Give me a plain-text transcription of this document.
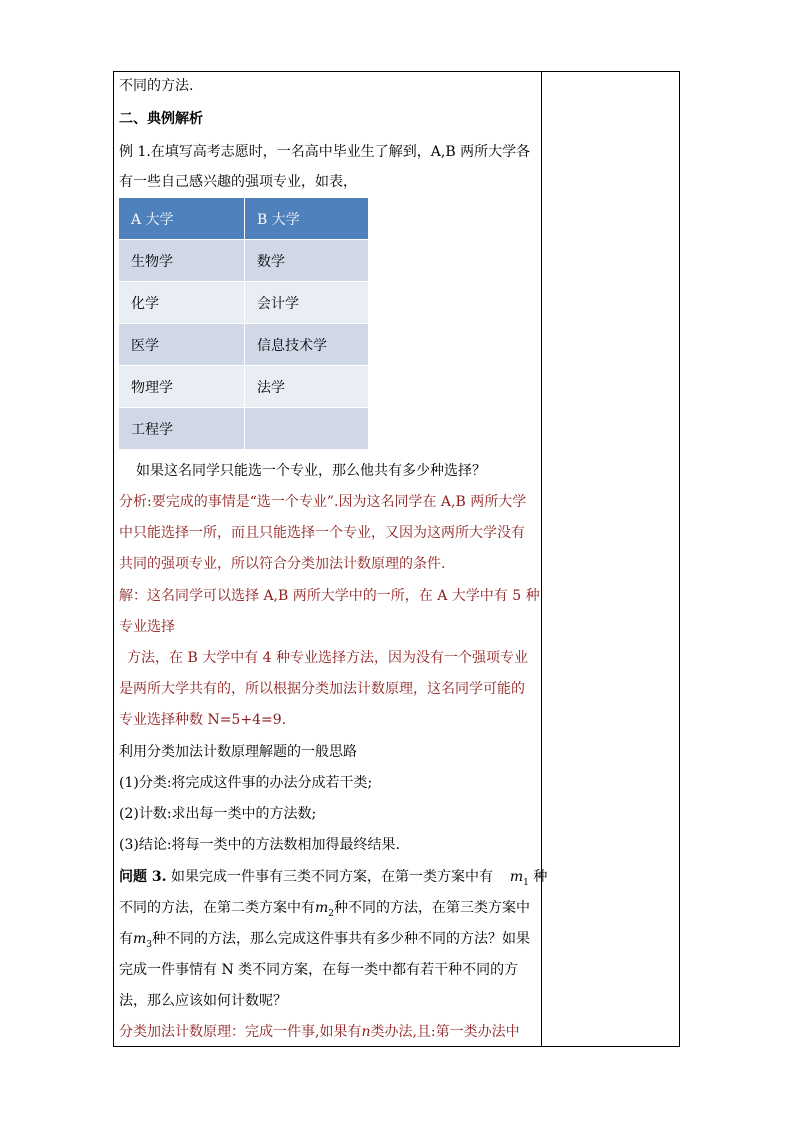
不同的方法.
二、典例解析
例 1.在填写高考志愿时，一名高中毕业生了解到，A,B 两所大学各
有一些自己感兴趣的强项专业，如表，
A 大学	B 大学
生物学	数学
化学	会计学
医学	信息技术学
物理学	法学
工程学
如果这名同学只能选一个专业，那么他共有多少种选择？
分析:要完成的事情是“选一个专业”.因为这名同学在 A,B 两所大学
中只能选择一所，而且只能选择一个专业，又因为这两所大学没有
共同的强项专业，所以符合分类加法计数原理的条件.
解：这名同学可以选择 A,B 两所大学中的一所，在 A 大学中有 5 种
专业选择
方法，在 B 大学中有 4 种专业选择方法，因为没有一个强项专业
是两所大学共有的，所以根据分类加法计数原理，这名同学可能的
专业选择种数 N=5+4=9.
利用分类加法计数原理解题的一般思路
(1)分类:将完成这件事的办法分成若干类;
(2)计数:求出每一类中的方法数;
(3)结论:将每一类中的方法数相加得最终结果.
问题 3. 如果完成一件事有三类不同方案，在第一类方案中有 $m_1$ 种
不同的方法，在第二类方案中有$m_2$种不同的方法，在第三类方案中
有$m_3$种不同的方法，那么完成这件事共有多少种不同的方法？如果
完成一件事情有 N 类不同方案，在每一类中都有若干种不同的方
法，那么应该如何计数呢？
分类加法计数原理：完成一件事,如果有n类办法,且:第一类办法中
